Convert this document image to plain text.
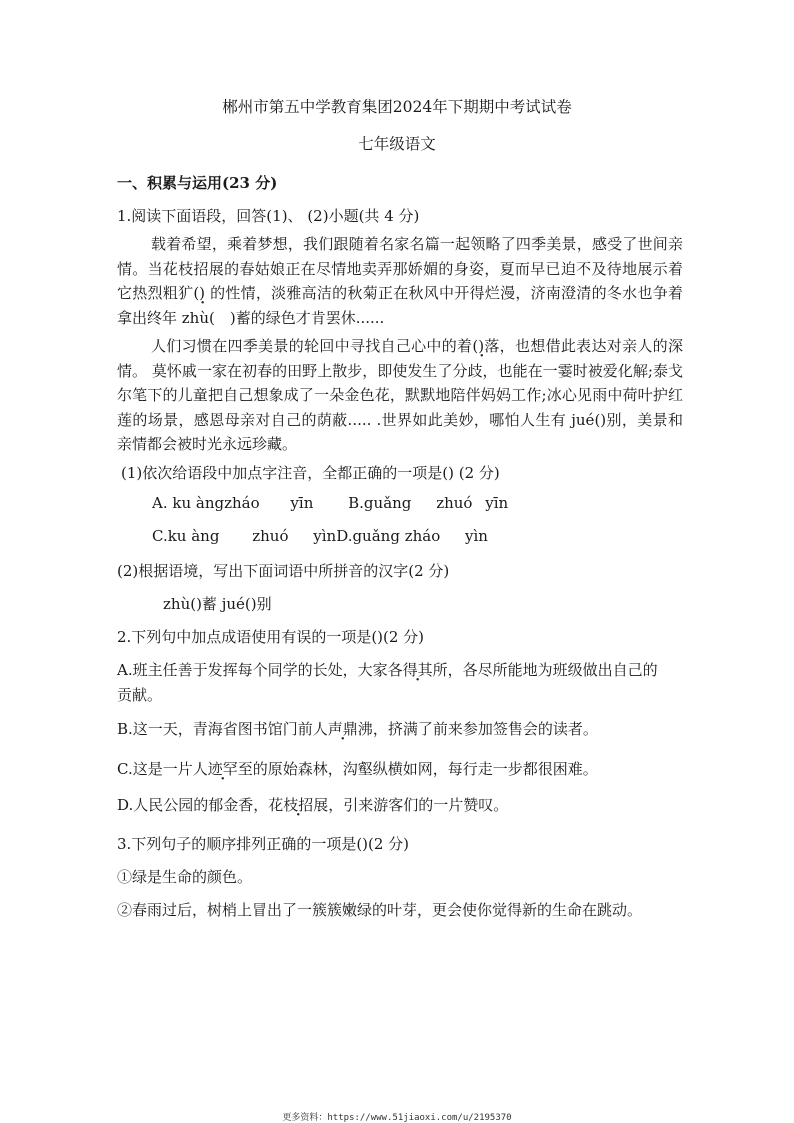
郴州市第五中学教育集团2024年下期期中考试试卷
七年级语文
一、积累与运用(23 分)
1.阅读下面语段，回答(1)、 (2)小题(共 4 分)
载着希望，乘着梦想，我们跟随着名家名篇一起领略了四季美景，感受了世间亲情。当花枝招展的春姑娘正在尽情地卖弄那娇媚的身姿，夏而早已迫不及待地展示着它热烈粗犷() 的性情，淡雅高洁的秋菊正在秋风中开得烂漫，济南澄清的冬水也争着拿出终年 zhù(　)蓄的绿色才肯罢休......
人们习惯在四季美景的轮回中寻找自己心中的着()落，也想借此表达对亲人的深情。 莫怀戚一家在初春的田野上散步，即使发生了分歧，也能在一霎时被爱化解;泰戈尔笔下的儿童把自己想象成了一朵金色花，默默地陪伴妈妈工作;冰心见雨中荷叶护红莲的场景，感恩母亲对自己的荫蔽..... .世界如此美妙，哪怕人生有 jué()别，美景和亲情都会被时光永远珍藏。
(1)依次给语段中加点字注音，全都正确的一项是() (2 分)
A. ku àngzháo yīn B.guǎng zhuó yīn
C.ku àng zhuó yìnD.guǎng zháo yìn
(2)根据语境，写出下面词语中所拼音的汉字(2 分)
zhù()蓄 jué()别
2.下列句中加点成语使用有误的一项是()(2 分)
A.班主任善于发挥每个同学的长处，大家各得其所，各尽所能地为班级做出自己的
贡献。
B.这一天，青海省图书馆门前人声鼎沸，挤满了前来参加签售会的读者。
C.这是一片人迹罕至的原始森林，沟壑纵横如网，每行走一步都很困难。
D.人民公园的郁金香，花枝招展，引来游客们的一片赞叹。
3.下列句子的顺序排列正确的一项是()(2 分)
①绿是生命的颜色。
②春雨过后，树梢上冒出了一簇簇嫩绿的叶芽，更会使你觉得新的生命在跳动。
更多资料：https://www.51jiaoxi.com/u/2195370
